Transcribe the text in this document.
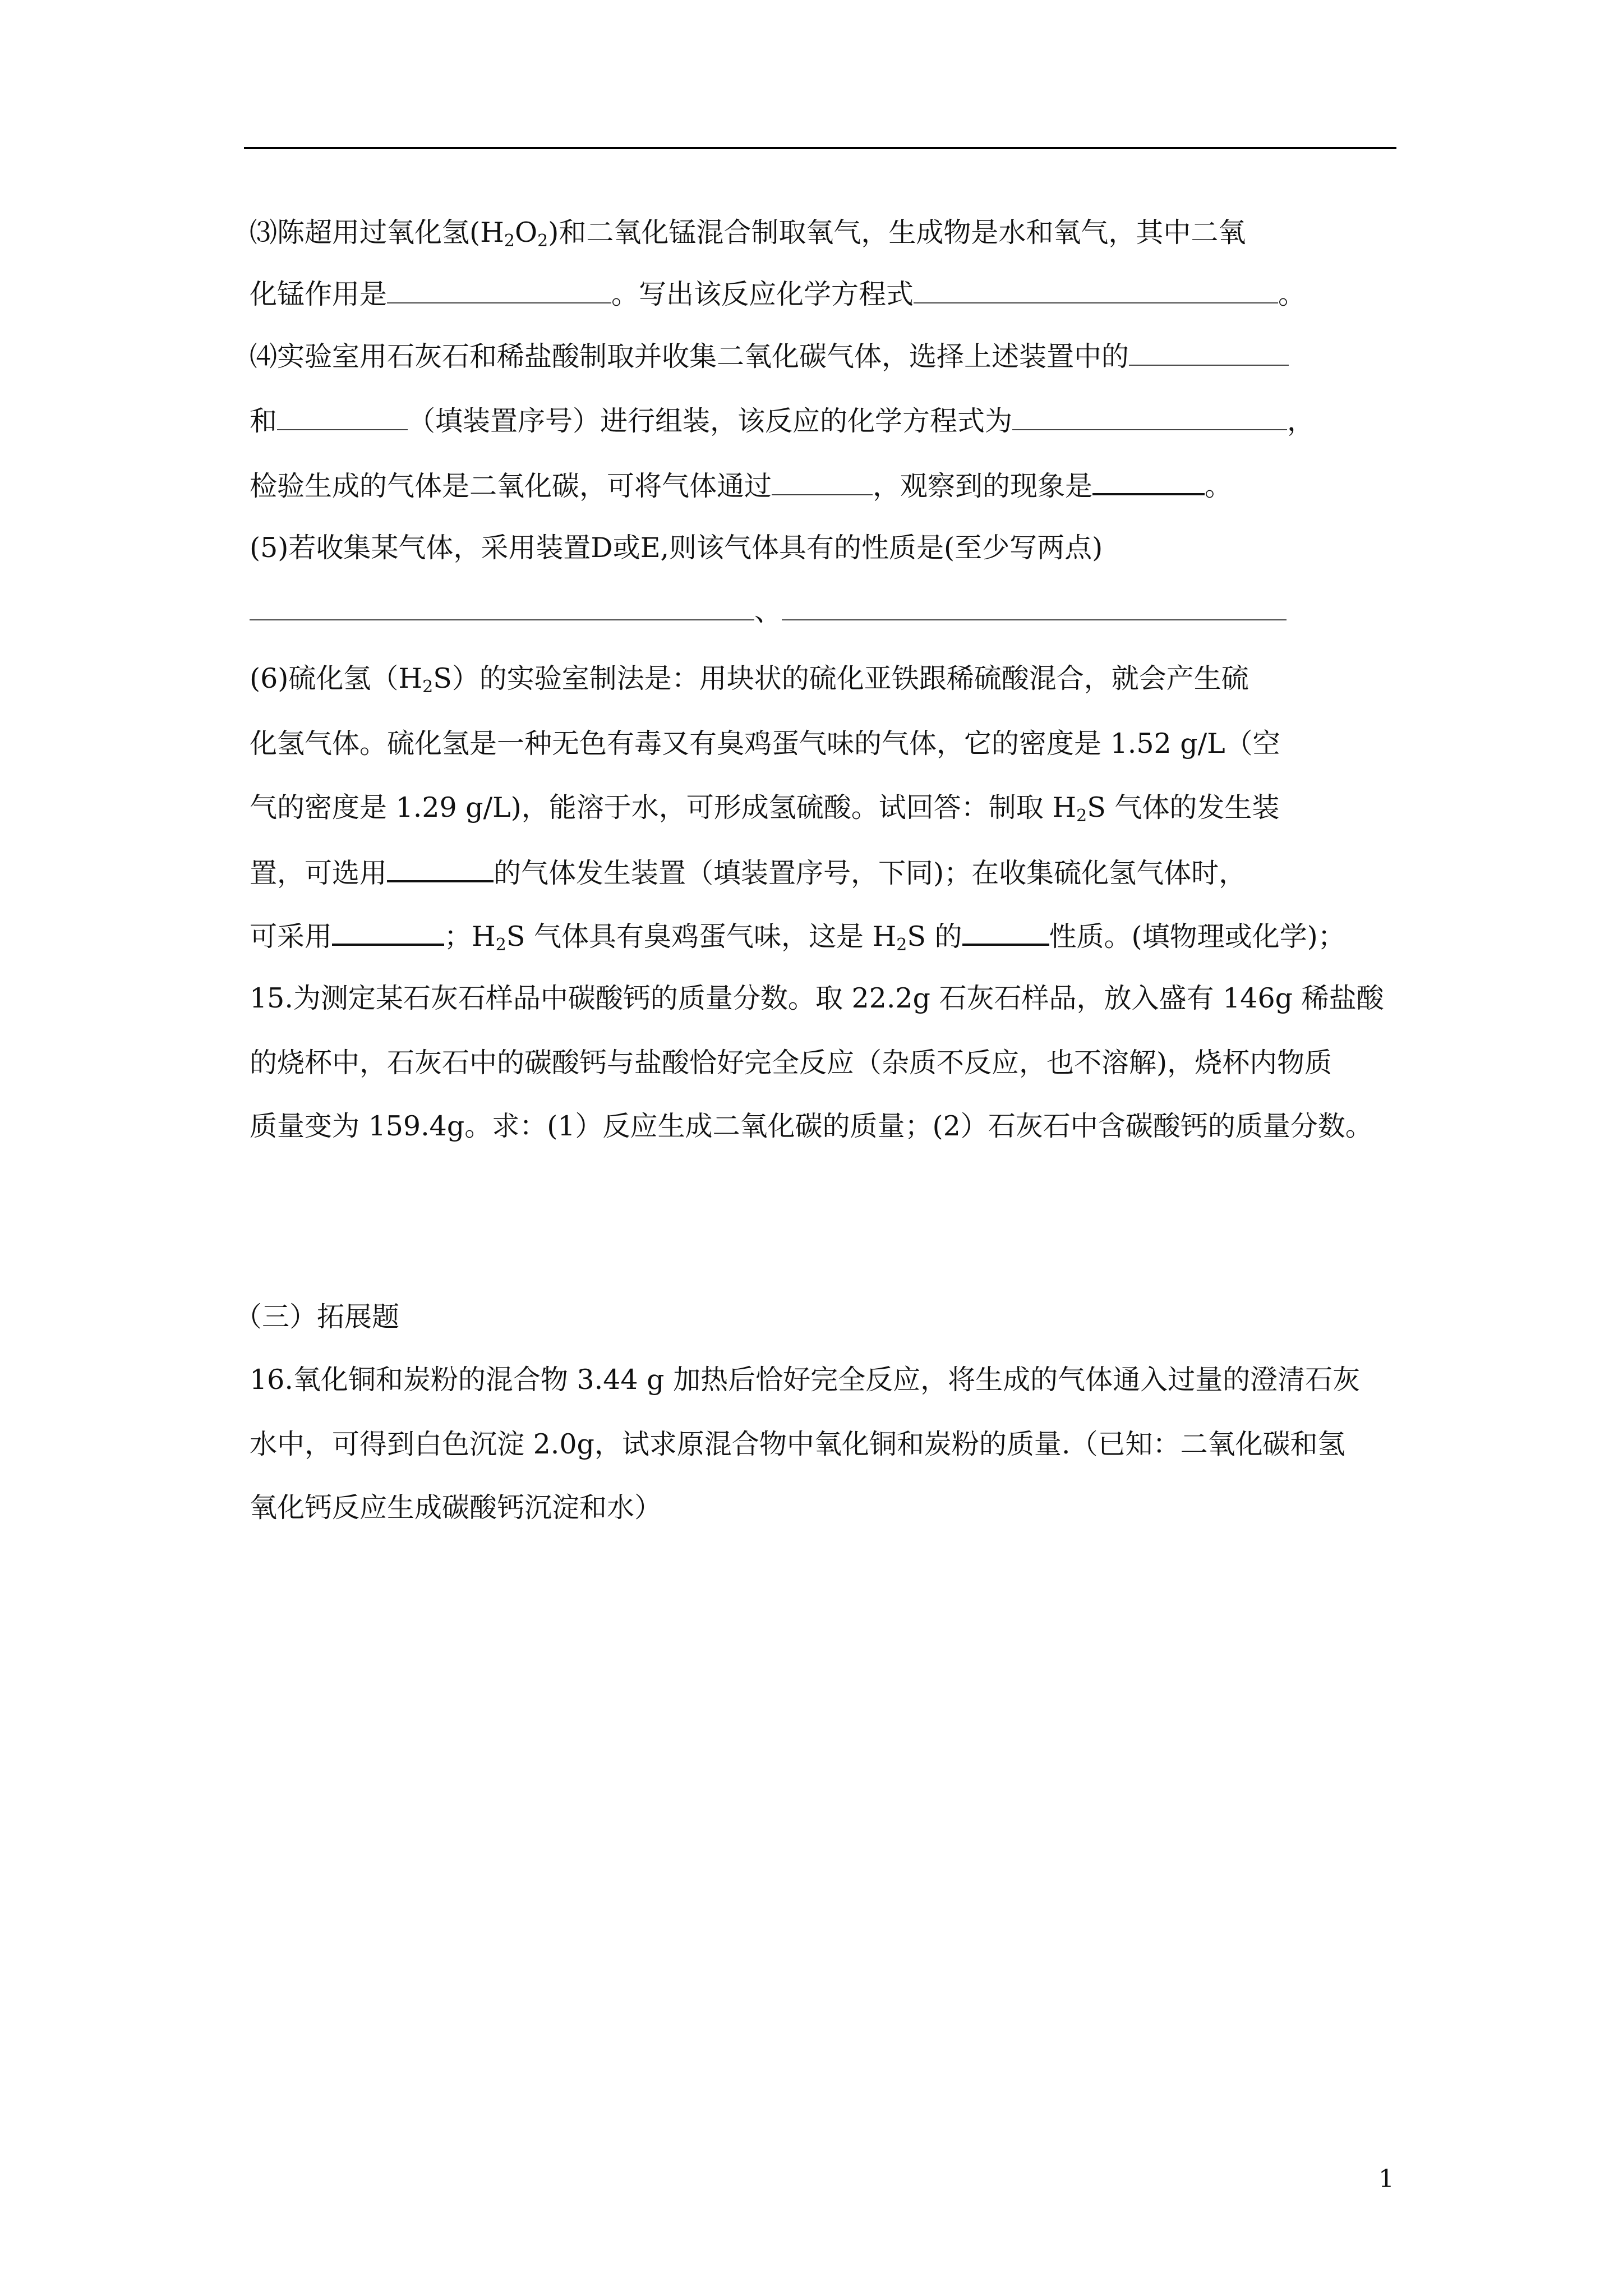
⑶陈超用过氧化氢$(H_2O_2)$和二氧化锰混合制取氧气，生成物是水和氧气，其中二氧
化锰作用是	。写出该反应化学方程式	。
⑷实验室用石灰石和稀盐酸制取并收集二氧化碳气体，选择上述装置中的
和	（填装置序号）进行组装，该反应的化学方程式为	，
检验生成的气体是二氧化碳，可将气体通过	，观察到的现象是	。
(5)若收集某气体，采用装置D或E,则该气体具有的性质是(至少写两点)
、
(6)硫化氢$(H_2S)$的实验室制法是：用块状的硫化亚铁跟稀硫酸混合，就会产生硫
化氢气体。硫化氢是一种无色有毒又有臭鸡蛋气味的气体，它的密度是 1.52 g/L（空
气的密度是 1.29 g/L)，能溶于水，可形成氢硫酸。试回答：制取 $H_2S$ 气体的发生装
置，可选用	的气体发生装置（填装置序号，下同)；在收集硫化氢气体时，
可采用	；$H_2S$ 气体具有臭鸡蛋气味，这是 $H_2S$ 的	性质。(填物理或化学)；
15.为测定某石灰石样品中碳酸钙的质量分数。取 22.2g 石灰石样品，放入盛有 146g 稀盐酸
的烧杯中，石灰石中的碳酸钙与盐酸恰好完全反应（杂质不反应，也不溶解)，烧杯内物质
质量变为 159.4g。求：(1）反应生成二氧化碳的质量；(2）石灰石中含碳酸钙的质量分数。
（三）拓展题
16.氧化铜和炭粉的混合物 3.44 g 加热后恰好完全反应，将生成的气体通入过量的澄清石灰
水中，可得到白色沉淀 2.0g，试求原混合物中氧化铜和炭粉的质量.（已知：二氧化碳和氢
氧化钙反应生成碳酸钙沉淀和水）
1
